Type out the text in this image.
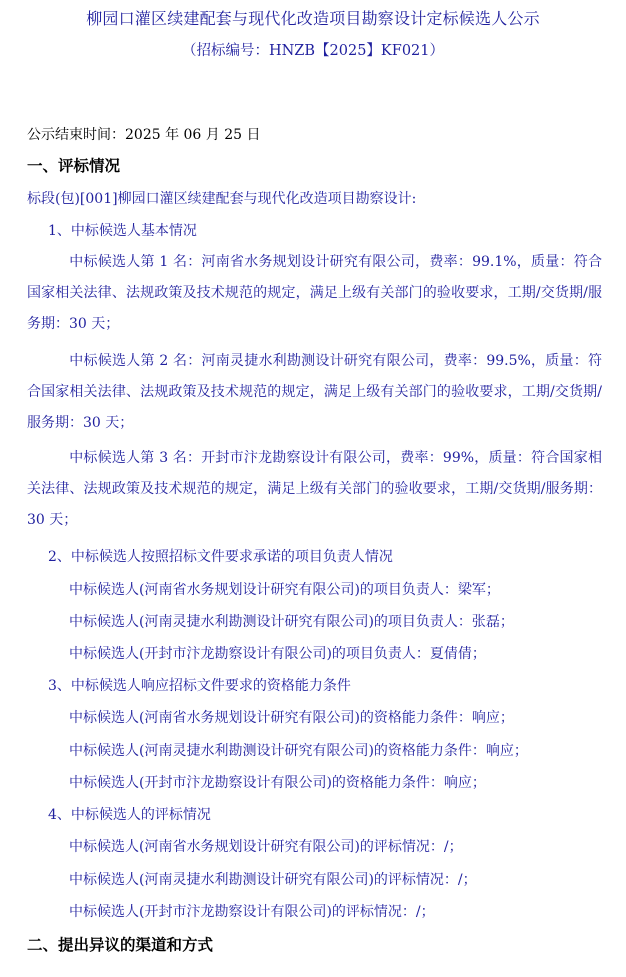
柳园口灌区续建配套与现代化改造项目勘察设计定标候选人公示
（招标编号：HNZB【2025】KF021）
公示结束时间：2025 年 06 月 25 日
一、评标情况
标段(包)[001]柳园口灌区续建配套与现代化改造项目勘察设计:
1、中标候选人基本情况
中标候选人第 1 名：河南省水务规划设计研究有限公司，费率：99.1%，质量：符合国家相关法律、法规政策及技术规范的规定，满足上级有关部门的验收要求，工期/交货期/服务期：30 天；
中标候选人第 2 名：河南灵捷水利勘测设计研究有限公司，费率：99.5%，质量：符合国家相关法律、法规政策及技术规范的规定，满足上级有关部门的验收要求，工期/交货期/服务期：30 天；
中标候选人第 3 名：开封市汴龙勘察设计有限公司，费率：99%，质量：符合国家相关法律、法规政策及技术规范的规定，满足上级有关部门的验收要求，工期/交货期/服务期：30 天；
2、中标候选人按照招标文件要求承诺的项目负责人情况
中标候选人(河南省水务规划设计研究有限公司)的项目负责人：梁军；
中标候选人(河南灵捷水利勘测设计研究有限公司)的项目负责人：张磊；
中标候选人(开封市汴龙勘察设计有限公司)的项目负责人：夏倩倩；
3、中标候选人响应招标文件要求的资格能力条件
中标候选人(河南省水务规划设计研究有限公司)的资格能力条件：响应；
中标候选人(河南灵捷水利勘测设计研究有限公司)的资格能力条件：响应；
中标候选人(开封市汴龙勘察设计有限公司)的资格能力条件：响应；
4、中标候选人的评标情况
中标候选人(河南省水务规划设计研究有限公司)的评标情况：/；
中标候选人(河南灵捷水利勘测设计研究有限公司)的评标情况：/；
中标候选人(开封市汴龙勘察设计有限公司)的评标情况：/；
二、提出异议的渠道和方式
